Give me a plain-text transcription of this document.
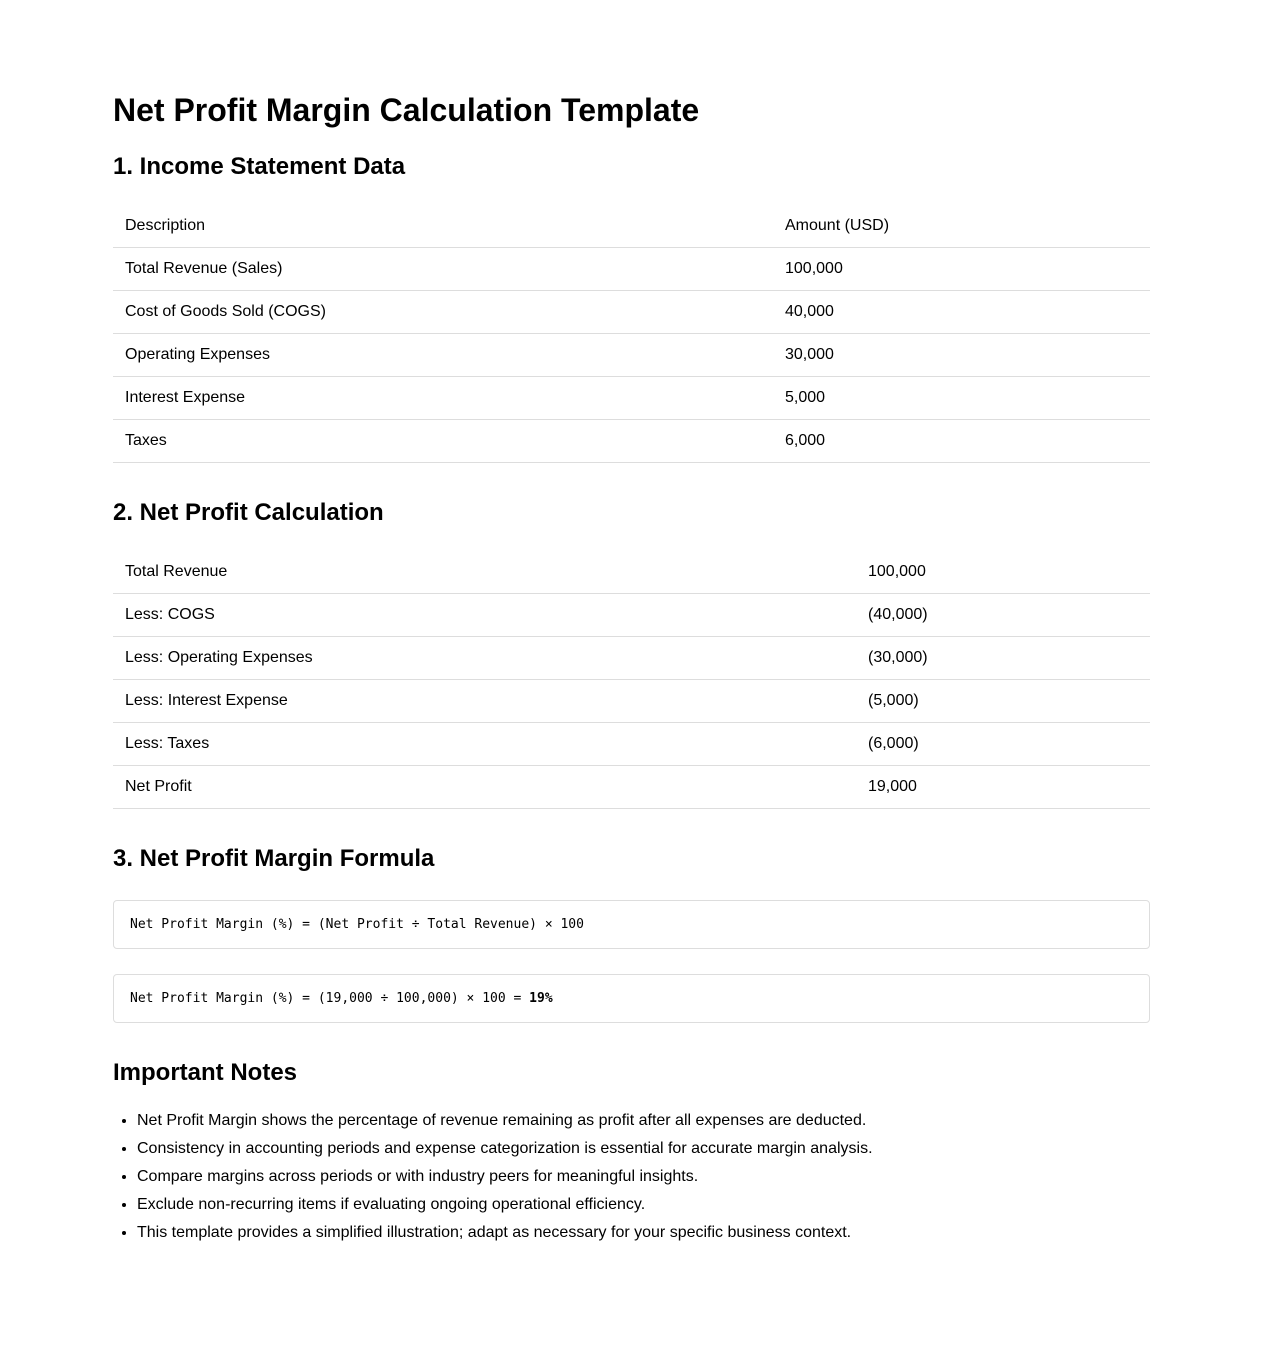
Net Profit Margin Calculation Template
1. Income Statement Data
Description	Amount (USD)
Total Revenue (Sales)	100,000
Cost of Goods Sold (COGS)	40,000
Operating Expenses	30,000
Interest Expense	5,000
Taxes	6,000
2. Net Profit Calculation
Total Revenue	100,000
Less: COGS	(40,000)
Less: Operating Expenses	(30,000)
Less: Interest Expense	(5,000)
Less: Taxes	(6,000)
Net Profit	19,000
3. Net Profit Margin Formula
Net Profit Margin (%) = (Net Profit ÷ Total Revenue) × 100
Net Profit Margin (%) = (19,000 ÷ 100,000) × 100 = 19%
Important Notes
• Net Profit Margin shows the percentage of revenue remaining as profit after all expenses are deducted.
• Consistency in accounting periods and expense categorization is essential for accurate margin analysis.
• Compare margins across periods or with industry peers for meaningful insights.
• Exclude non-recurring items if evaluating ongoing operational efficiency.
• This template provides a simplified illustration; adapt as necessary for your specific business context.
